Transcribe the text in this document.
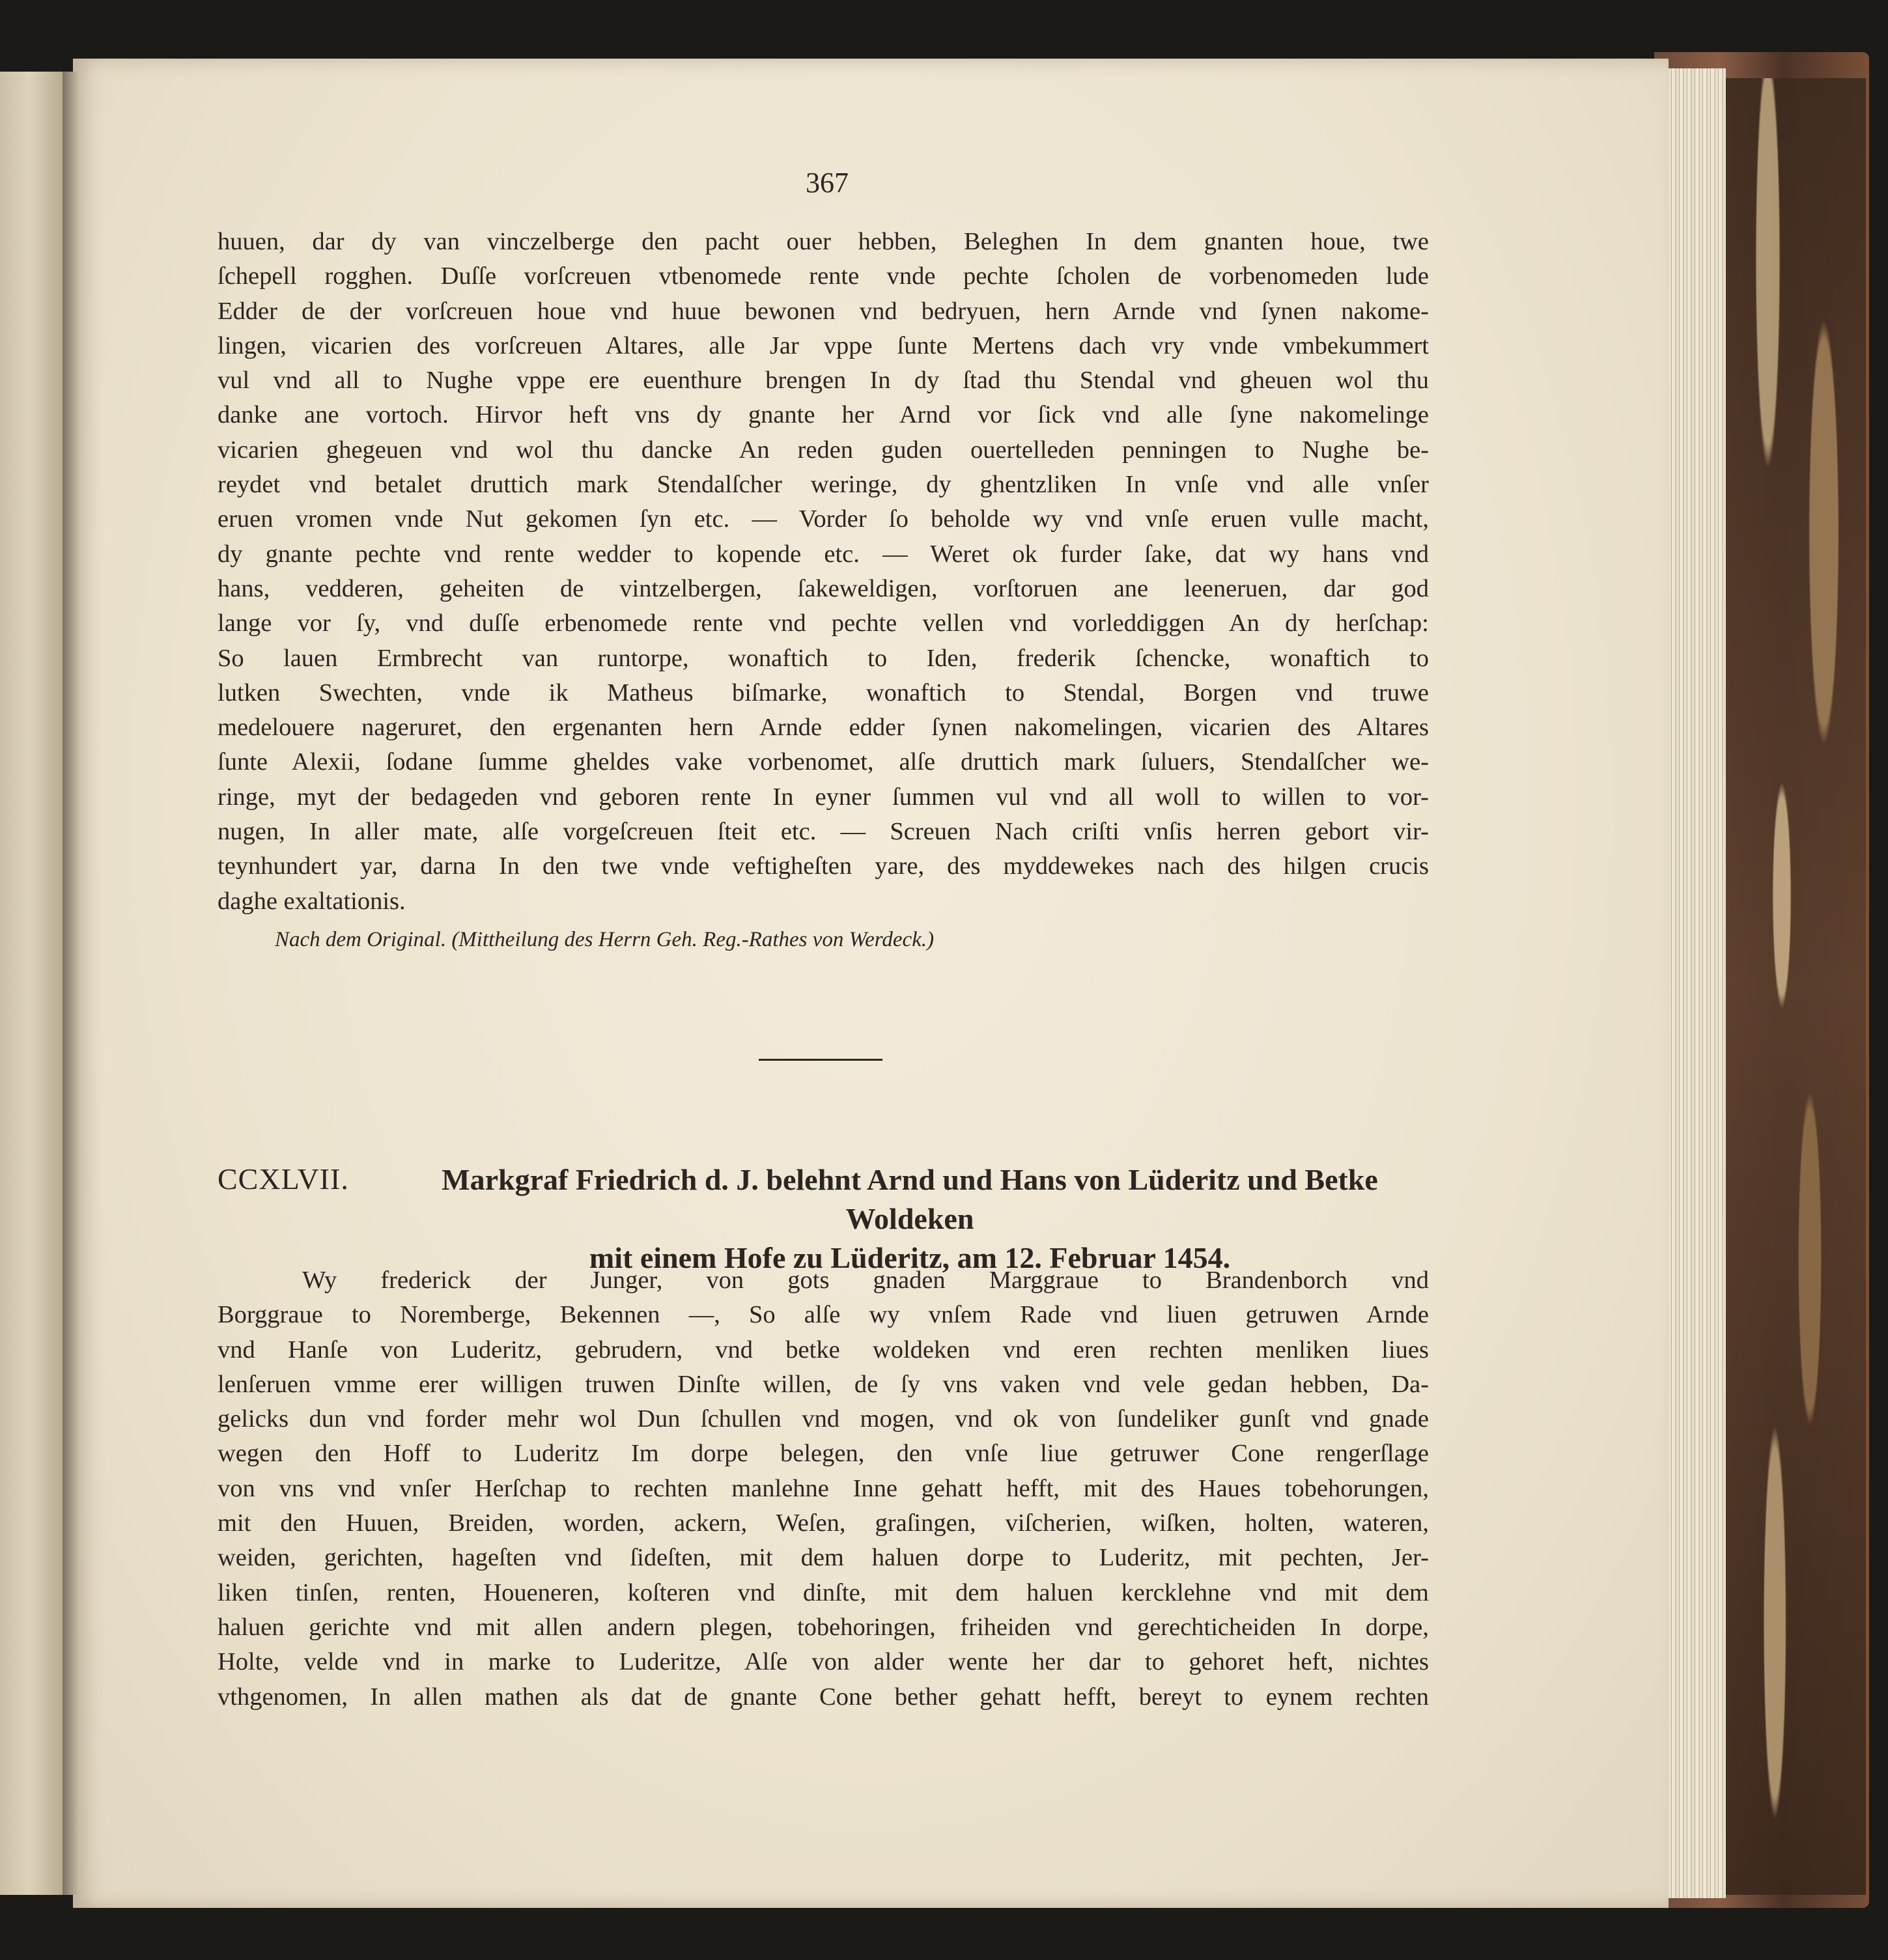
367

huuen, dar dy van vinczelberge den pacht ouer hebben, Beleghen In dem gnanten houe, twe

ſchepell rogghen. Duſſe vorſcreuen vtbenomede rente vnde pechte ſcholen de vorbenomeden lude

Edder de der vorſcreuen houe vnd huue bewonen vnd bedryuen, hern Arnde vnd ſynen nakome-

lingen, vicarien des vorſcreuen Altares, alle Jar vppe ſunte Mertens dach vry vnde vmbekummert

vul vnd all to Nughe vppe ere euenthure brengen In dy ſtad thu Stendal vnd gheuen wol thu

danke ane vortoch. Hirvor heft vns dy gnante her Arnd vor ſick vnd alle ſyne nakomelinge

vicarien ghegeuen vnd wol thu dancke An reden guden ouertelleden penningen to Nughe be-

reydet vnd betalet druttich mark Stendalſcher weringe, dy ghentzliken In vnſe vnd alle vnſer

eruen vromen vnde Nut gekomen ſyn etc. — Vorder ſo beholde wy vnd vnſe eruen vulle macht,

dy gnante pechte vnd rente wedder to kopende etc. — Weret ok furder ſake, dat wy hans vnd

hans, vedderen, geheiten de vintzelbergen, ſakeweldigen, vorſtoruen ane leeneruen, dar god

lange vor ſy, vnd duſſe erbenomede rente vnd pechte vellen vnd vorleddiggen An dy herſchap:

So lauen Ermbrecht van runtorpe, wonaftich to Iden, frederik ſchencke, wonaftich to

lutken Swechten, vnde ik Matheus biſmarke, wonaftich to Stendal, Borgen vnd truwe

medelouere nageruret, den ergenanten hern Arnde edder ſynen nakomelingen, vicarien des Altares

ſunte Alexii, ſodane ſumme gheldes vake vorbenomet, alſe druttich mark ſuluers, Stendalſcher we-

ringe, myt der bedageden vnd geboren rente In eyner ſummen vul vnd all woll to willen to vor-

nugen, In aller mate, alſe vorgeſcreuen ſteit etc. — Screuen Nach criſti vnſis herren gebort vir-

teynhundert yar, darna In den twe vnde veftigheſten yare, des myddewekes nach des hilgen crucis

daghe exaltationis.

Nach dem Original. (Mittheilung des Herrn Geh. Reg.-Rathes von Werdeck.)
CCXLVII.	Markgraf Friedrich d. J. belehnt Arnd und Hans von Lüderitz und Betke Woldeken
mit einem Hofe zu Lüderitz, am 12. Februar 1454.

Wy frederick der Junger, von gots gnaden Marggraue to Brandenborch vnd

Borggraue to Noremberge, Bekennen —, So alſe wy vnſem Rade vnd liuen getruwen Arnde

vnd Hanſe von Luderitz, gebrudern, vnd betke woldeken vnd eren rechten menliken liues

lenſeruen vmme erer willigen truwen Dinſte willen, de ſy vns vaken vnd vele gedan hebben, Da-

gelicks dun vnd forder mehr wol Dun ſchullen vnd mogen, vnd ok von ſundeliker gunſt vnd gnade

wegen den Hoff to Luderitz Im dorpe belegen, den vnſe liue getruwer Cone rengerſlage

von vns vnd vnſer Herſchap to rechten manlehne Inne gehatt hefft, mit des Haues tobehorungen,

mit den Huuen, Breiden, worden, ackern, Weſen, graſingen, viſcherien, wiſken, holten, wateren,

weiden, gerichten, hageſten vnd ſideſten, mit dem haluen dorpe to Luderitz, mit pechten, Jer-

liken tinſen, renten, Houeneren, koſteren vnd dinſte, mit dem haluen kercklehne vnd mit dem

haluen gerichte vnd mit allen andern plegen, tobehoringen, friheiden vnd gerechticheiden In dorpe,

Holte, velde vnd in marke to Luderitze, Alſe von alder wente her dar to gehoret heft, nichtes

vthgenomen, In allen mathen als dat de gnante Cone bether gehatt hefft, bereyt to eynem rechten
